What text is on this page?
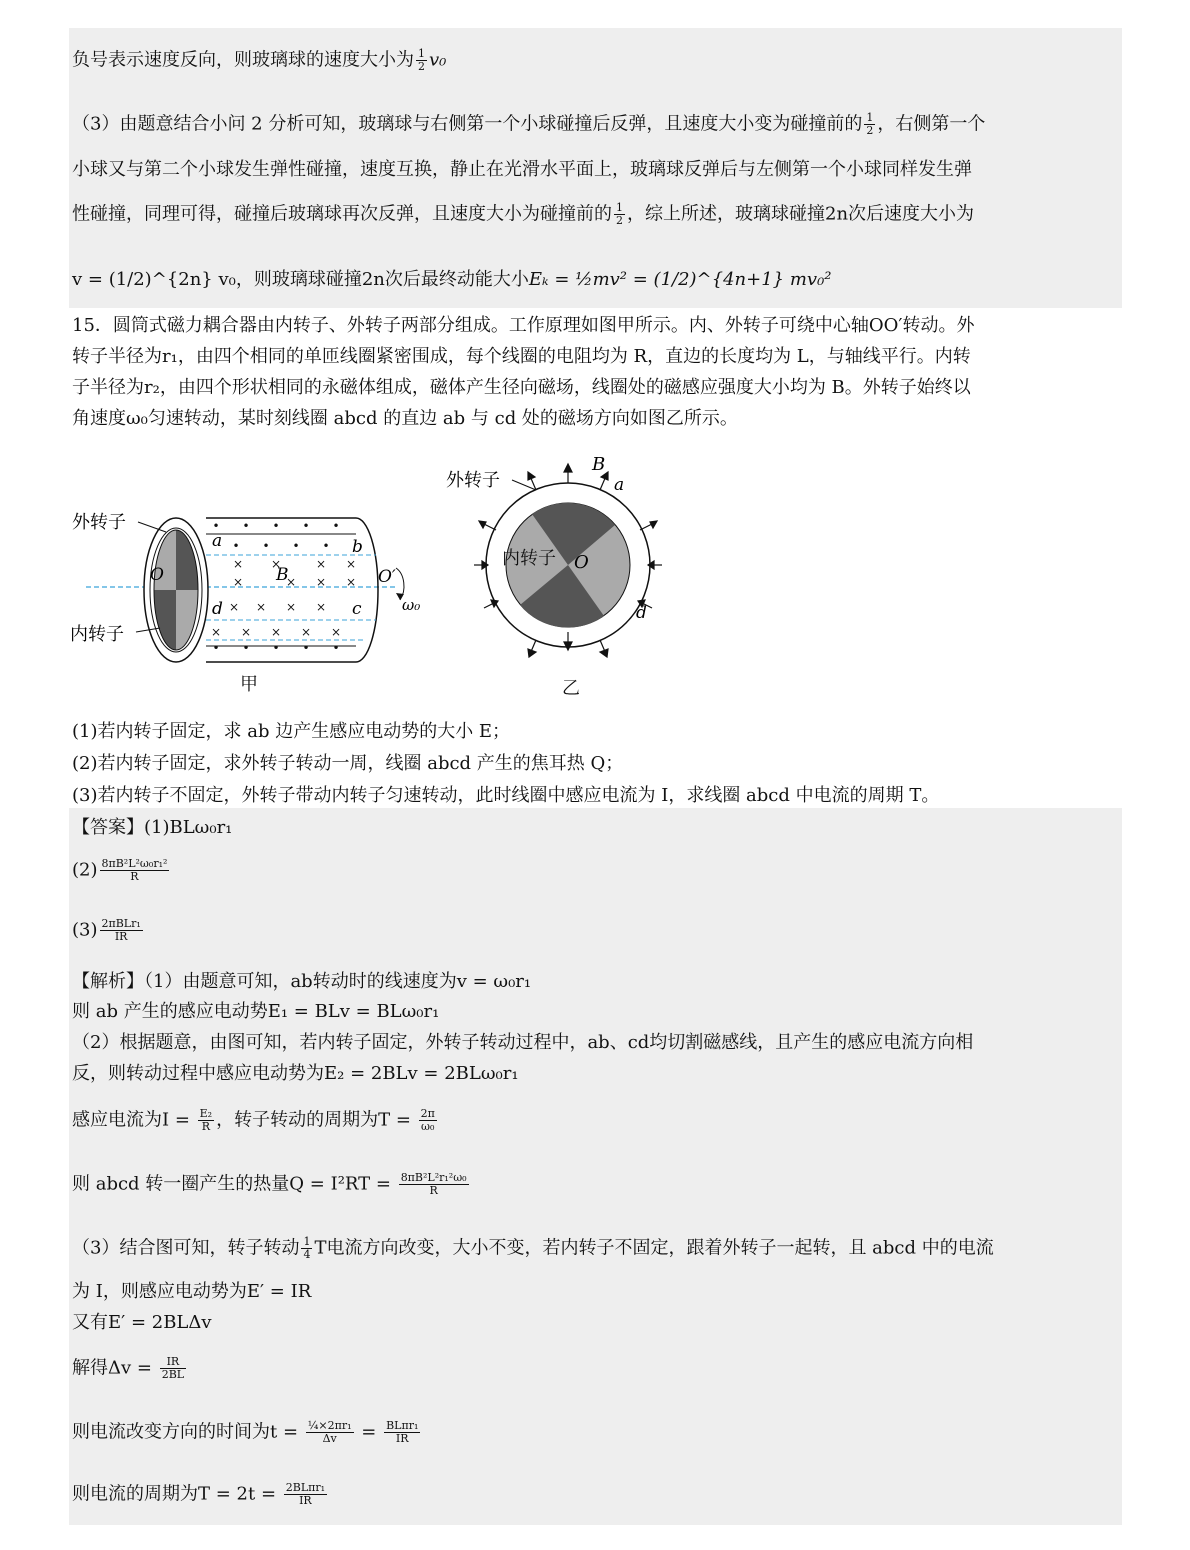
负号表示速度反向，则玻璃球的速度大小为 $\frac{1}{2} v_0$
（3）由题意结合小问 2 分析可知，玻璃球与右侧第一个小球碰撞后反弹，且速度大小变为碰撞前的 $\frac{1}{2}$ ，右侧第一个
小球又与第二个小球发生弹性碰撞，速度互换，静止在光滑水平面上，玻璃球反弹后与左侧第一个小球同样发生弹
性碰撞，同理可得，碰撞后玻璃球再次反弹，且速度大小为碰撞前的 $\frac{1}{2}$ ，综上所述，玻璃球碰撞2n次后速度大小为
v = (1/2)^{2n} v₀，则玻璃球碰撞2n次后最终动能大小Eₖ = ½mv² = (1/2)^{4n+1} mv₀²
15．圆筒式磁力耦合器由内转子、外转子两部分组成。工作原理如图甲所示。内、外转子可绕中心轴OO′转动。外
转子半径为r₁，由四个相同的单匝线圈紧密围成，每个线圈的电阻均为 R，直边的长度均为 L，与轴线平行。内转
子半径为r₂，由四个形状相同的永磁体组成，磁体产生径向磁场，线圈处的磁感应强度大小均为 B。外转子始终以
角速度ω₀匀速转动，某时刻线圈 abcd 的直边 ab 与 cd 处的磁场方向如图乙所示。
• • • • •
• • • •
× ×	× ×
×	× × ×
× × × ×
× × × × ×
• • • • •
外转子
内转子
O
a	b
d	c
B	O′
ω₀
甲
外转子
内转子 O
B
a
d
乙
(1)若内转子固定，求 ab 边产生感应电动势的大小 E；
(2)若内转子固定，求外转子转动一周，线圈 abcd 产生的焦耳热 Q；
(3)若内转子不固定，外转子带动内转子匀速转动，此时线圈中感应电流为 I，求线圈 abcd 中电流的周期 T。
【答案】(1)BLω₀r₁
$(2) \frac{\text{8πB²L²ω₀r₁²}}{R}$
$(3) \frac{\text{2πBLr₁}}{IR}$
【解析】（1）由题意可知，ab转动时的线速度为v = ω₀r₁
则 ab 产生的感应电动势E₁ = BLv = BLω₀r₁
（2）根据题意，由图可知，若内转子固定，外转子转动过程中，ab、cd均切割磁感线，且产生的感应电流方向相
反，则转动过程中感应电动势为E₂ = 2BLv = 2BLω₀r₁
感应电流为$I = \frac{\text{E₂}}{R}$ ，转子转动的周期为$T = \frac{2\pi}{\text{ω₀}}$
则 abcd 转一圈产生的热量$Q = I^2RT = \frac{\text{8πB²L²r₁²ω₀}}{R}$
（3）结合图可知，转子转动 $\frac{1}{4}$ T电流方向改变，大小不变，若内转子不固定，跟着外转子一起转，且 abcd 中的电流
为 I，则感应电动势为E′ = IR
又有E′ = 2BLΔv
解得$\Delta v = \frac{IR}{2BL}$
则电流改变方向的时间为$t = \frac{\text{¼×2πr₁}}{\Delta v} = \frac{\text{BLπr₁}}{IR}$
则电流的周期为$T = 2t = \frac{\text{2BLπr₁}}{IR}$
